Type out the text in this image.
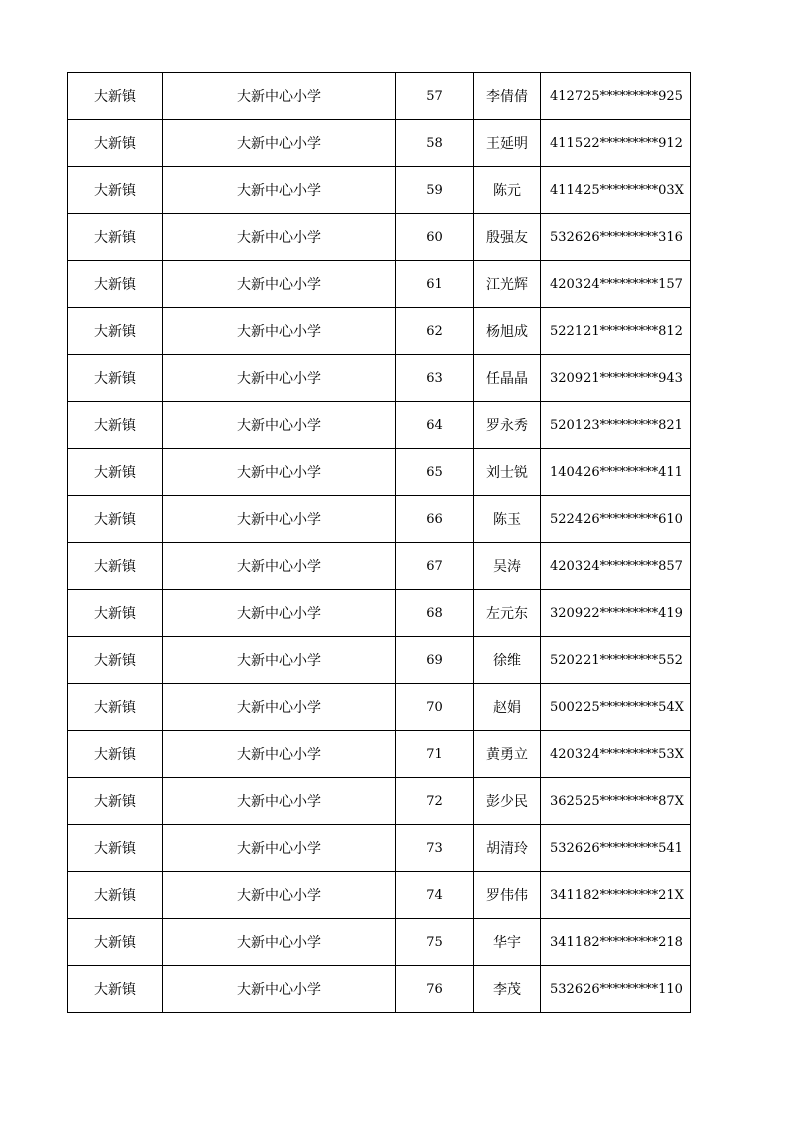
大新镇	大新中心小学	57	李倩倩	412725*********925
大新镇	大新中心小学	58	王延明	411522*********912
大新镇	大新中心小学	59	陈元	411425*********03X
大新镇	大新中心小学	60	殷强友	532626*********316
大新镇	大新中心小学	61	江光辉	420324*********157
大新镇	大新中心小学	62	杨旭成	522121*********812
大新镇	大新中心小学	63	任晶晶	320921*********943
大新镇	大新中心小学	64	罗永秀	520123*********821
大新镇	大新中心小学	65	刘士锐	140426*********411
大新镇	大新中心小学	66	陈玉	522426*********610
大新镇	大新中心小学	67	吴涛	420324*********857
大新镇	大新中心小学	68	左元东	320922*********419
大新镇	大新中心小学	69	徐维	520221*********552
大新镇	大新中心小学	70	赵娟	500225*********54X
大新镇	大新中心小学	71	黄勇立	420324*********53X
大新镇	大新中心小学	72	彭少民	362525*********87X
大新镇	大新中心小学	73	胡清玲	532626*********541
大新镇	大新中心小学	74	罗伟伟	341182*********21X
大新镇	大新中心小学	75	华宇	341182*********218
大新镇	大新中心小学	76	李茂	532626*********110
